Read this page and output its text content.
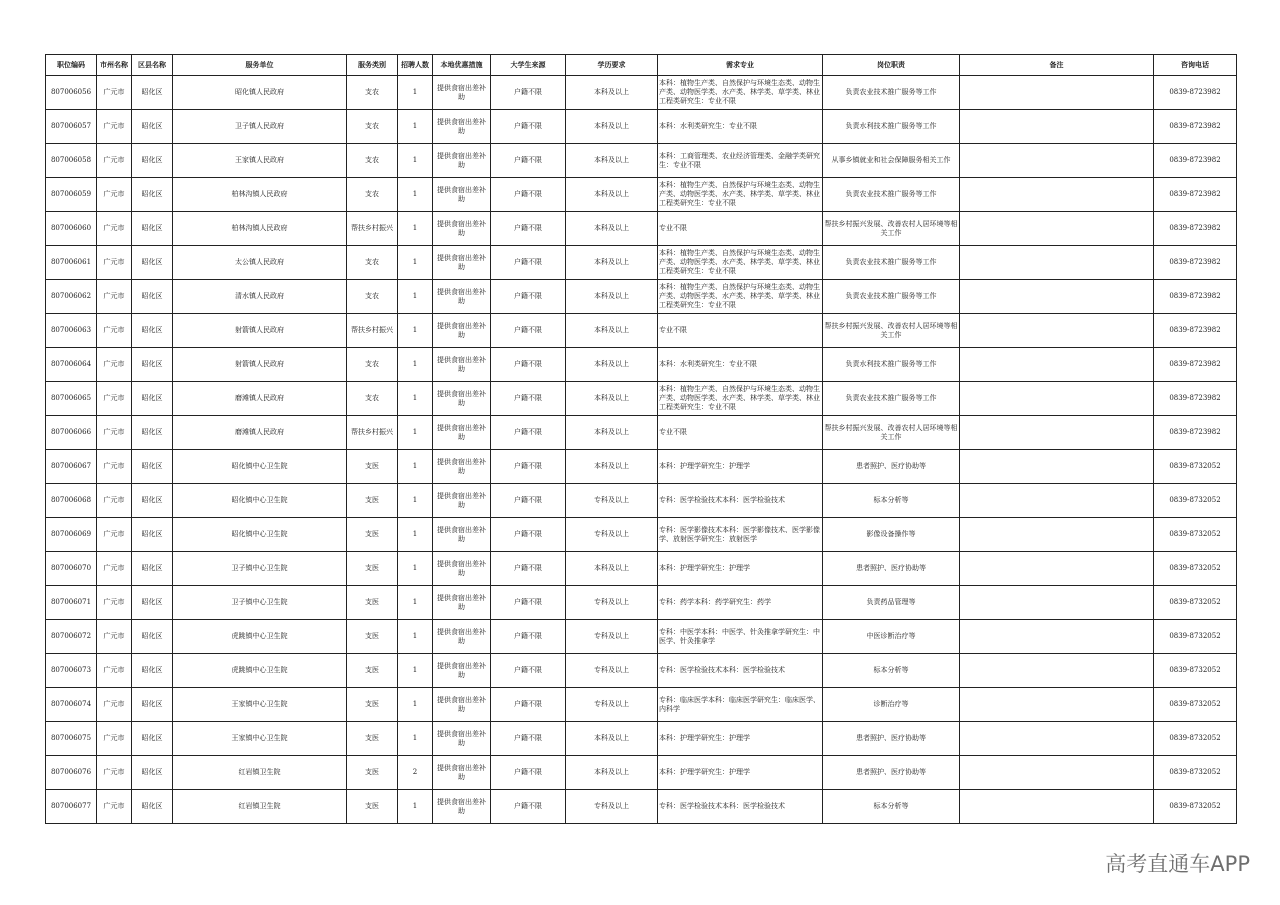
职位编码	市州名称	区县名称	服务单位	服务类别	招聘人数	本地优惠措施	大学生来源	学历要求	需求专业	岗位职责	备注	咨询电话
807006056	广元市	昭化区	昭化镇人民政府	支农	1	提供食宿出差补助	户籍不限	本科及以上	本科：植物生产类、自然保护与环境生态类、动物生产类、动物医学类、水产类、林学类、草学类、林业工程类研究生：专业不限	负责农业技术推广服务等工作		0839-8723982
807006057	广元市	昭化区	卫子镇人民政府	支农	1	提供食宿出差补助	户籍不限	本科及以上	本科：水利类研究生：专业不限	负责水利技术推广服务等工作		0839-8723982
807006058	广元市	昭化区	王家镇人民政府	支农	1	提供食宿出差补助	户籍不限	本科及以上	本科：工商管理类、农业经济管理类、金融学类研究生：专业不限	从事乡镇就业和社会保障服务相关工作		0839-8723982
807006059	广元市	昭化区	柏林沟镇人民政府	支农	1	提供食宿出差补助	户籍不限	本科及以上	本科：植物生产类、自然保护与环境生态类、动物生产类、动物医学类、水产类、林学类、草学类、林业工程类研究生：专业不限	负责农业技术推广服务等工作		0839-8723982
807006060	广元市	昭化区	柏林沟镇人民政府	帮扶乡村振兴	1	提供食宿出差补助	户籍不限	本科及以上	专业不限	帮扶乡村振兴发展、改善农村人居环境等相关工作		0839-8723982
807006061	广元市	昭化区	太公镇人民政府	支农	1	提供食宿出差补助	户籍不限	本科及以上	本科：植物生产类、自然保护与环境生态类、动物生产类、动物医学类、水产类、林学类、草学类、林业工程类研究生：专业不限	负责农业技术推广服务等工作		0839-8723982
807006062	广元市	昭化区	清水镇人民政府	支农	1	提供食宿出差补助	户籍不限	本科及以上	本科：植物生产类、自然保护与环境生态类、动物生产类、动物医学类、水产类、林学类、草学类、林业工程类研究生：专业不限	负责农业技术推广服务等工作		0839-8723982
807006063	广元市	昭化区	射箭镇人民政府	帮扶乡村振兴	1	提供食宿出差补助	户籍不限	本科及以上	专业不限	帮扶乡村振兴发展、改善农村人居环境等相关工作		0839-8723982
807006064	广元市	昭化区	射箭镇人民政府	支农	1	提供食宿出差补助	户籍不限	本科及以上	本科：水利类研究生：专业不限	负责水利技术推广服务等工作		0839-8723982
807006065	广元市	昭化区	磨滩镇人民政府	支农	1	提供食宿出差补助	户籍不限	本科及以上	本科：植物生产类、自然保护与环境生态类、动物生产类、动物医学类、水产类、林学类、草学类、林业工程类研究生：专业不限	负责农业技术推广服务等工作		0839-8723982
807006066	广元市	昭化区	磨滩镇人民政府	帮扶乡村振兴	1	提供食宿出差补助	户籍不限	本科及以上	专业不限	帮扶乡村振兴发展、改善农村人居环境等相关工作		0839-8723982
807006067	广元市	昭化区	昭化镇中心卫生院	支医	1	提供食宿出差补助	户籍不限	本科及以上	本科：护理学研究生：护理学	患者照护、医疗协助等		0839-8732052
807006068	广元市	昭化区	昭化镇中心卫生院	支医	1	提供食宿出差补助	户籍不限	专科及以上	专科：医学检验技术本科：医学检验技术	标本分析等		0839-8732052
807006069	广元市	昭化区	昭化镇中心卫生院	支医	1	提供食宿出差补助	户籍不限	专科及以上	专科：医学影像技术本科：医学影像技术、医学影像学、放射医学研究生：放射医学	影像设备操作等		0839-8732052
807006070	广元市	昭化区	卫子镇中心卫生院	支医	1	提供食宿出差补助	户籍不限	本科及以上	本科：护理学研究生：护理学	患者照护、医疗协助等		0839-8732052
807006071	广元市	昭化区	卫子镇中心卫生院	支医	1	提供食宿出差补助	户籍不限	专科及以上	专科：药学本科：药学研究生：药学	负责药品管理等		0839-8732052
807006072	广元市	昭化区	虎跳镇中心卫生院	支医	1	提供食宿出差补助	户籍不限	专科及以上	专科：中医学本科：中医学、针灸推拿学研究生：中医学、针灸推拿学	中医诊断治疗等		0839-8732052
807006073	广元市	昭化区	虎跳镇中心卫生院	支医	1	提供食宿出差补助	户籍不限	专科及以上	专科：医学检验技术本科：医学检验技术	标本分析等		0839-8732052
807006074	广元市	昭化区	王家镇中心卫生院	支医	1	提供食宿出差补助	户籍不限	专科及以上	专科：临床医学本科：临床医学研究生：临床医学、内科学	诊断治疗等		0839-8732052
807006075	广元市	昭化区	王家镇中心卫生院	支医	1	提供食宿出差补助	户籍不限	本科及以上	本科：护理学研究生：护理学	患者照护、医疗协助等		0839-8732052
807006076	广元市	昭化区	红岩镇卫生院	支医	2	提供食宿出差补助	户籍不限	本科及以上	本科：护理学研究生：护理学	患者照护、医疗协助等		0839-8732052
807006077	广元市	昭化区	红岩镇卫生院	支医	1	提供食宿出差补助	户籍不限	专科及以上	专科：医学检验技术本科：医学检验技术	标本分析等		0839-8732052
高考直通车APP
